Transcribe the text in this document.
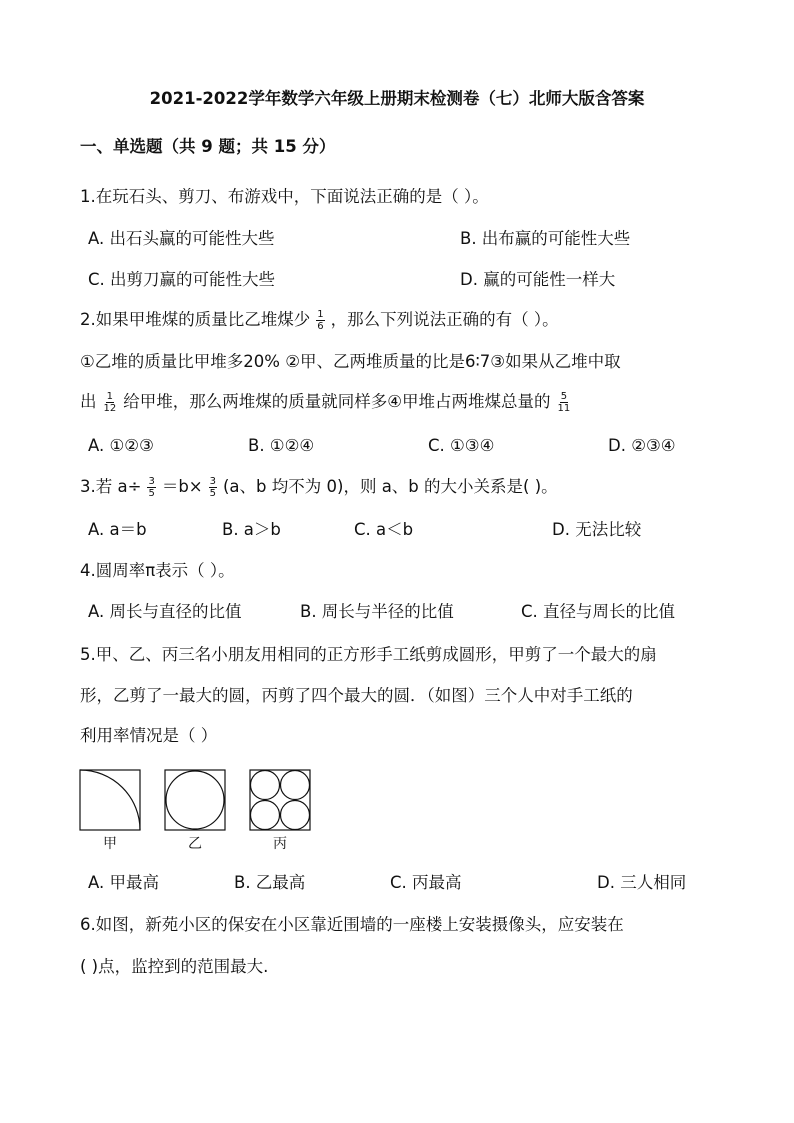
2021-2022学年数学六年级上册期末检测卷（七）北师大版含答案
一、单选题（共 9 题；共 15 分）
1.在玩石头、剪刀、布游戏中，下面说法正确的是（ ）。
A. 出石头赢的可能性大些	B. 出布赢的可能性大些
C. 出剪刀赢的可能性大些	D. 赢的可能性一样大
2.如果甲堆煤的质量比乙堆煤少 $\frac{1}{6}$ ，那么下列说法正确的有（ ）。
①乙堆的质量比甲堆多20% ②甲、乙两堆质量的比是6∶7③如果从乙堆中取
出 $\frac{1}{12}$ 给甲堆，那么两堆煤的质量就同样多④甲堆占两堆煤总量的 $\frac{5}{11}$
A. ①②③	B. ①②④	C. ①③④	D. ②③④
3.若 $a\div \frac{3}{5} =b\times \frac{3}{5} (a$、b 均不为 0)，则 a、b 的大小关系是( )。
A. a＝b	B. a＞b	C. a＜b	D. 无法比较
4.圆周率π表示（ ）。
A. 周长与直径的比值	B. 周长与半径的比值	C. 直径与周长的比值
5.甲、乙、丙三名小朋友用相同的正方形手工纸剪成圆形，甲剪了一个最大的扇
形，乙剪了一最大的圆，丙剪了四个最大的圆．（如图）三个人中对手工纸的
利用率情况是（ ）
甲	乙	丙
A. 甲最高	B. 乙最高	C. 丙最高	D. 三人相同
6.如图，新苑小区的保安在小区靠近围墙的一座楼上安装摄像头，应安装在
( )点，监控到的范围最大.
